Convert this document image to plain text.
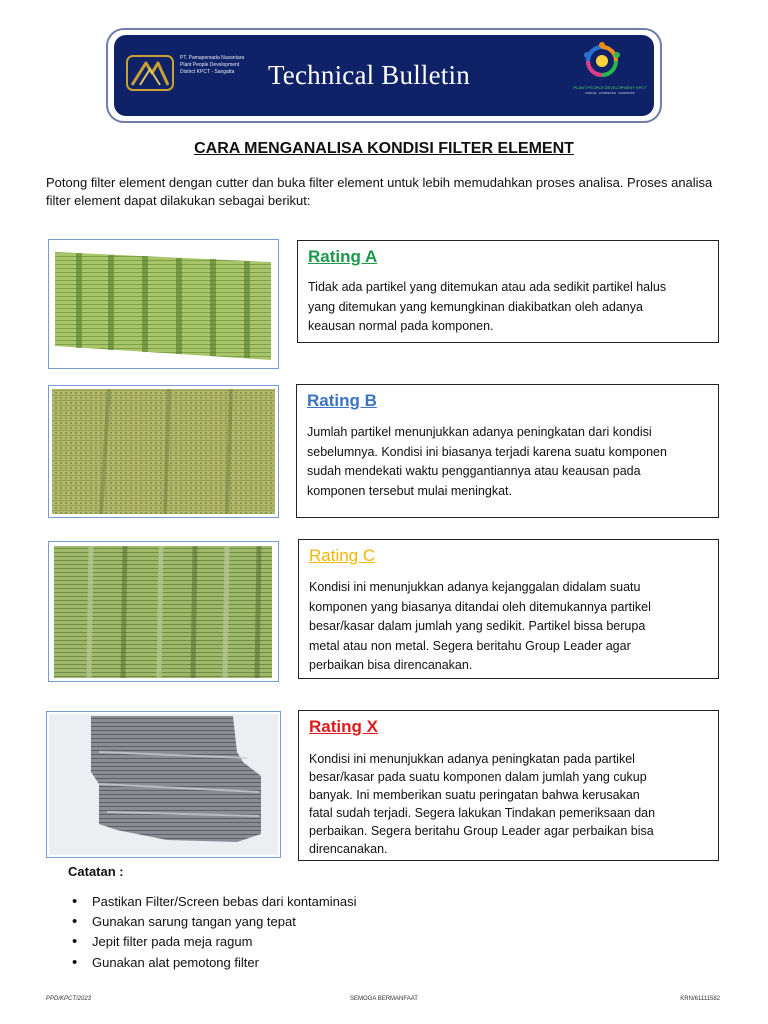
PT. Pamapersada Nusantara
Plant People Development
District KPCT - Sangatta	Technical Bulletin	PLANT PEOPLE DEVELOPMENT KPCT
UNIKUE · KOMPETEN · INSPIRATIF
CARA MENGANALISA KONDISI FILTER ELEMENT
Potong filter element dengan cutter dan buka filter element untuk lebih memudahkan proses analisa. Proses analisa filter element dapat dilakukan sebagai berikut:
Rating A
Tidak ada partikel yang ditemukan atau ada sedikit partikel halus
yang ditemukan yang kemungkinan diakibatkan oleh adanya
keausan normal pada komponen.
Rating B
Jumlah partikel menunjukkan adanya peningkatan dari kondisi
sebelumnya. Kondisi ini biasanya terjadi karena suatu komponen
sudah mendekati waktu penggantiannya atau keausan pada
komponen tersebut mulai meningkat.
Rating C
Kondisi ini menunjukkan adanya kejanggalan didalam suatu
komponen yang biasanya ditandai oleh ditemukannya partikel
besar/kasar dalam jumlah yang sedikit. Partikel bissa berupa
metal atau non metal. Segera beritahu Group Leader agar
perbaikan bisa direncanakan.
Rating X
Kondisi ini menunjukkan adanya peningkatan pada partikel
besar/kasar pada suatu komponen dalam jumlah yang cukup
banyak. Ini memberikan suatu peringatan bahwa kerusakan
fatal sudah terjadi. Segera lakukan Tindakan pemeriksaan dan
perbaikan. Segera beritahu Group Leader agar perbaikan bisa
direncanakan.
Catatan :
• Pastikan Filter/Screen bebas dari kontaminasi
• Gunakan sarung tangan yang tepat
• Jepit filter pada meja ragum
• Gunakan alat pemotong filter
PPD/KPCT/2023	SEMOGA BERMANFAAT	KRN/61111582
